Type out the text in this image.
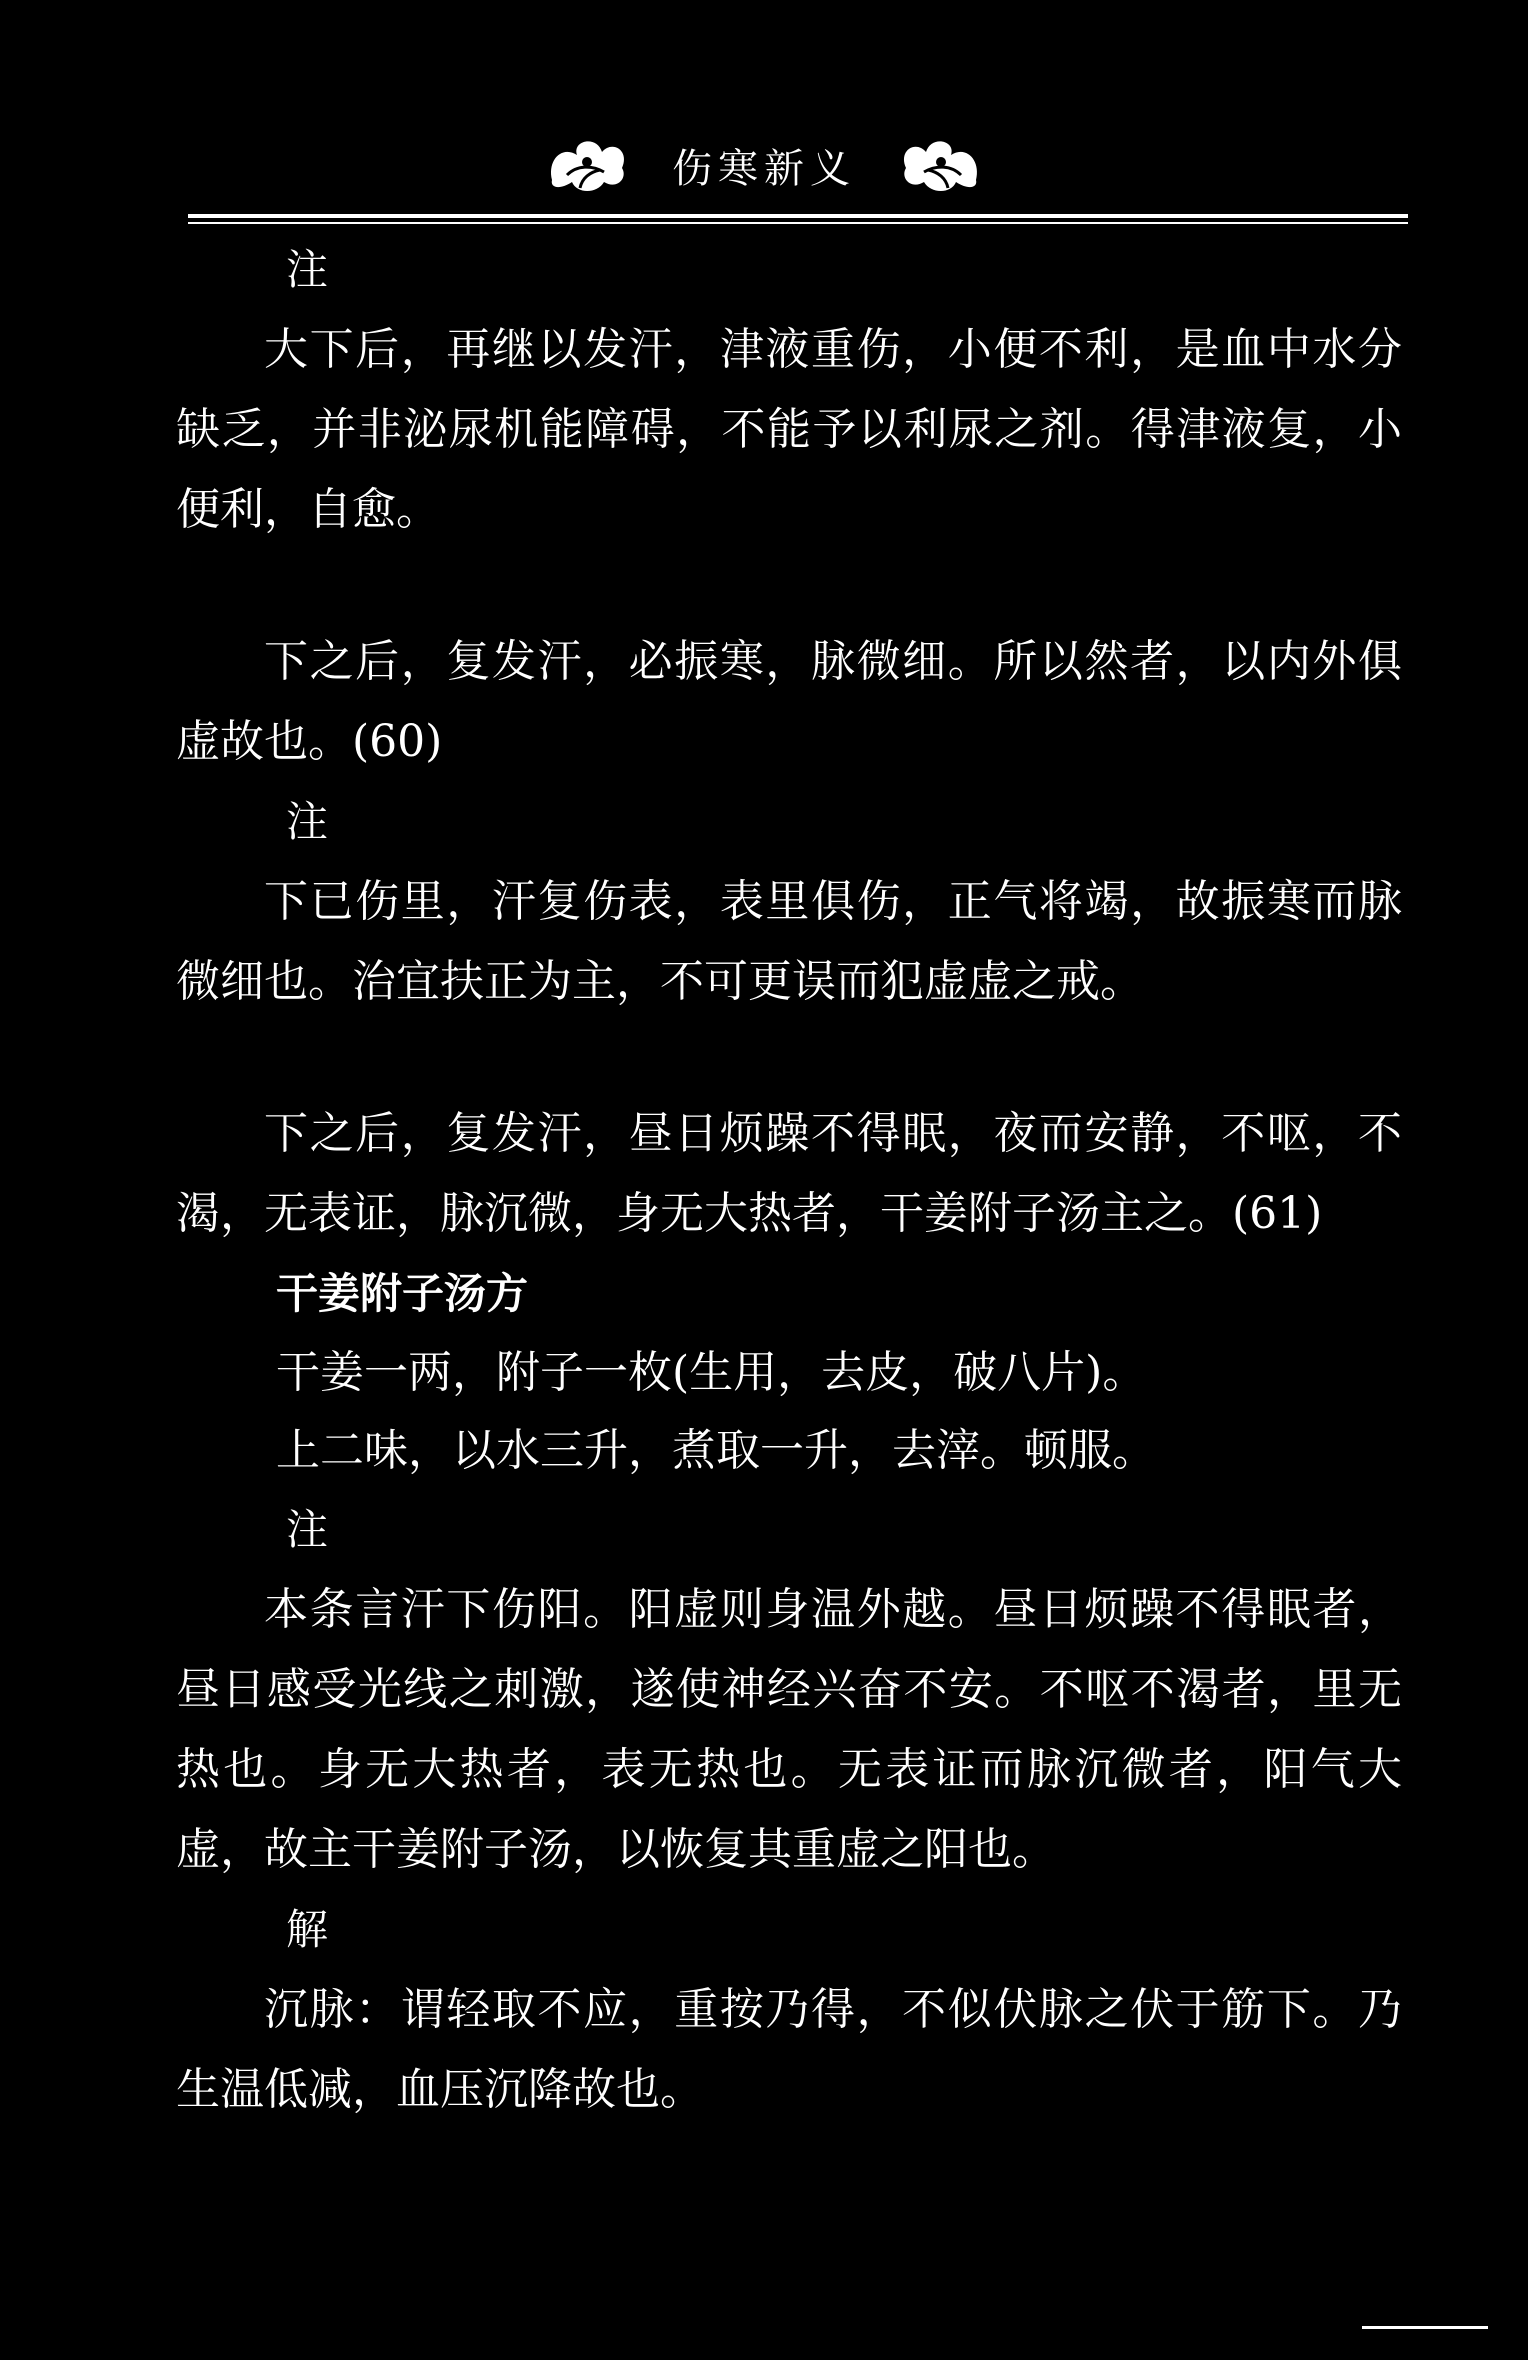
伤寒新义

注

大下后，再继以发汗，津液重伤，小便不利，是血中水分缺乏，并非泌尿机能障碍，不能予以利尿之剂。得津液复，小便利，自愈。

下之后，复发汗，必振寒，脉微细。所以然者，以内外俱虚故也。(60)

注

下已伤里，汗复伤表，表里俱伤，正气将竭，故振寒而脉微细也。治宜扶正为主，不可更误而犯虚虚之戒。

下之后，复发汗，昼日烦躁不得眠，夜而安静，不呕，不渴，无表证，脉沉微，身无大热者，干姜附子汤主之。(61)

干姜附子汤方

干姜一两，附子一枚(生用，去皮，破八片)。

上二味，以水三升，煮取一升，去滓。顿服。

注

本条言汗下伤阳。阳虚则身温外越。昼日烦躁不得眠者，昼日感受光线之刺激，遂使神经兴奋不安。不呕不渴者，里无热也。身无大热者，表无热也。无表证而脉沉微者，阳气大虚，故主干姜附子汤，以恢复其重虚之阳也。

解

沉脉：谓轻取不应，重按乃得，不似伏脉之伏于筋下。乃生温低减，血压沉降故也。
